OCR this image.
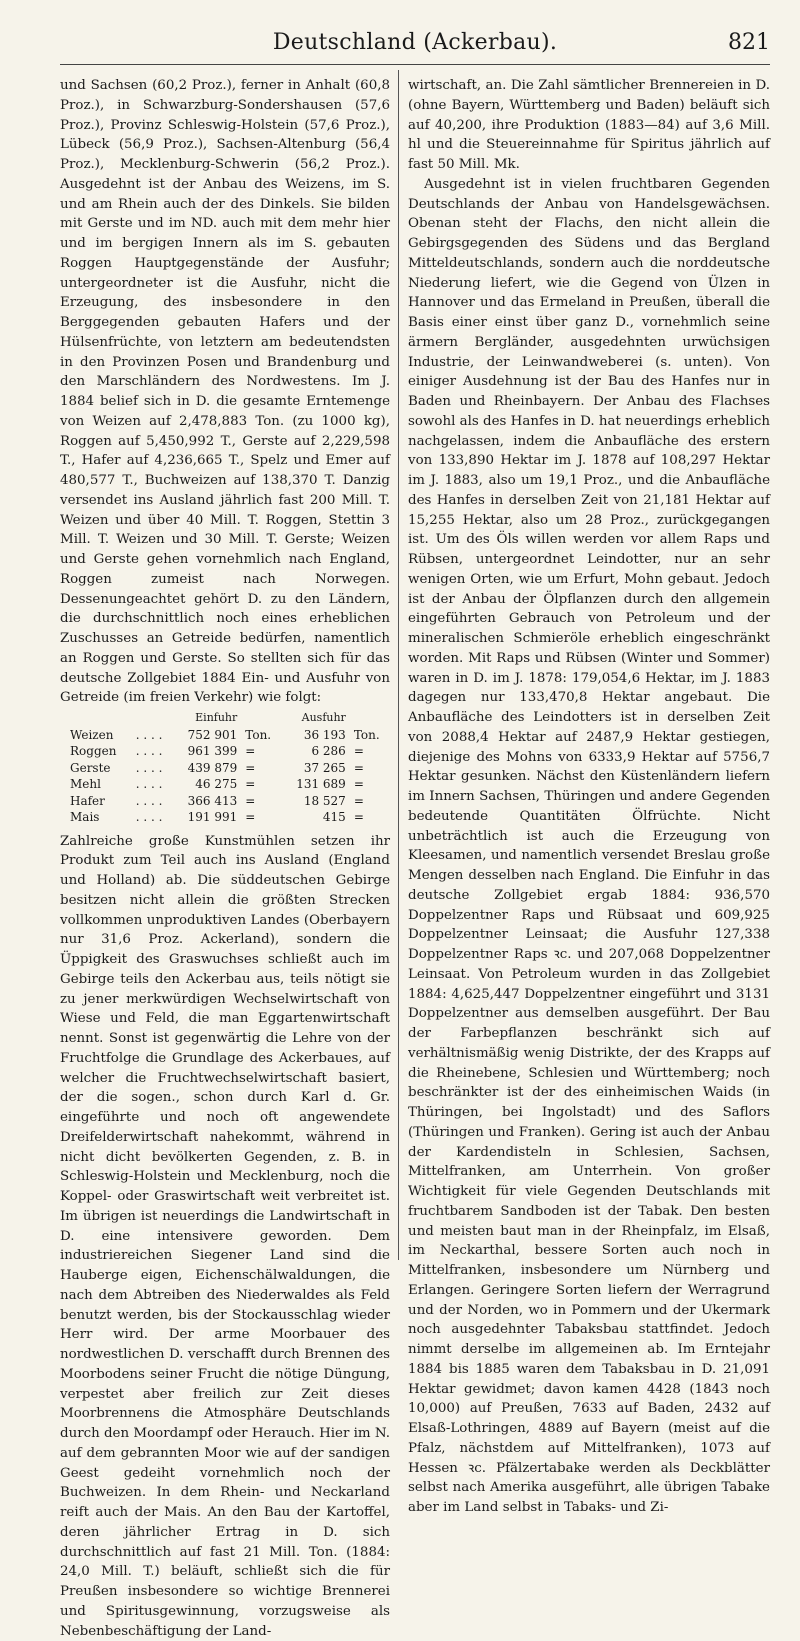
Deutschland (Ackerbau).	821

und Sachsen (60,2 Proz.), ferner in Anhalt (60,8 Proz.), in Schwarzburg-Sondershausen (57,6 Proz.), Provinz Schleswig-Holstein (57,6 Proz.), Lübeck (56,9 Proz.), Sachsen-Altenburg (56,4 Proz.), Mecklenburg-Schwerin (56,2 Proz.). Ausgedehnt ist der Anbau des Weizens, im S. und am Rhein auch der des Dinkels. Sie bilden mit Gerste und im ND. auch mit dem mehr hier und im bergigen Innern als im S. gebauten Roggen Hauptgegenstände der Ausfuhr; untergeordneter ist die Ausfuhr, nicht die Erzeugung, des insbesondere in den Berggegenden gebauten Hafers und der Hülsenfrüchte, von letztern am bedeutendsten in den Provinzen Posen und Brandenburg und den Marschländern des Nordwestens. Im J. 1884 belief sich in D. die gesamte Erntemenge von Weizen auf 2,478,883 Ton. (zu 1000 kg), Roggen auf 5,450,992 T., Gerste auf 2,229,598 T., Hafer auf 4,236,665 T., Spelz und Emer auf 480,577 T., Buchweizen auf 138,370 T. Danzig versendet ins Ausland jährlich fast 200 Mill. T. Weizen und über 40 Mill. T. Roggen, Stettin 3 Mill. T. Weizen und 30 Mill. T. Gerste; Weizen und Gerste gehen vornehmlich nach England, Roggen zumeist nach Norwegen. Dessenungeachtet gehört D. zu den Ländern, die durchschnittlich noch eines erheblichen Zuschusses an Getreide bedürfen, namentlich an Roggen und Gerste. So stellten sich für das deutsche Zollgebiet 1884 Ein- und Ausfuhr von Getreide (im freien Verkehr) wie folgt:

		Einfuhr		Ausfuhr	
Weizen	. . . .	752 901	Ton.	36 193	Ton.
Roggen	. . . .	961 399	=	6 286	=
Gerste	. . . .	439 879	=	37 265	=
Mehl	. . . .	46 275	=	131 689	=
Hafer	. . . .	366 413	=	18 527	=
Mais	. . . .	191 991	=	415	=

Zahlreiche große Kunstmühlen setzen ihr Produkt zum Teil auch ins Ausland (England und Holland) ab. Die süddeutschen Gebirge besitzen nicht allein die größten Strecken vollkommen unproduktiven Landes (Oberbayern nur 31,6 Proz. Ackerland), sondern die Üppigkeit des Graswuchses schließt auch im Gebirge teils den Ackerbau aus, teils nötigt sie zu jener merkwürdigen Wechselwirtschaft von Wiese und Feld, die man Eggartenwirtschaft nennt. Sonst ist gegenwärtig die Lehre von der Fruchtfolge die Grundlage des Ackerbaues, auf welcher die Fruchtwechselwirtschaft basiert, der die sogen., schon durch Karl d. Gr. eingeführte und noch oft angewendete Dreifelderwirtschaft nahekommt, während in nicht dicht bevölkerten Gegenden, z. B. in Schleswig-Holstein und Mecklenburg, noch die Koppel- oder Graswirtschaft weit verbreitet ist. Im übrigen ist neuerdings die Landwirtschaft in D. eine intensivere geworden. Dem industriereichen Siegener Land sind die Hauberge eigen, Eichenschälwaldungen, die nach dem Abtreiben des Niederwaldes als Feld benutzt werden, bis der Stockausschlag wieder Herr wird. Der arme Moorbauer des nordwestlichen D. verschafft durch Brennen des Moorbodens seiner Frucht die nötige Düngung, verpestet aber freilich zur Zeit dieses Moorbrennens die Atmosphäre Deutschlands durch den Moordampf oder Herauch. Hier im N. auf dem gebrannten Moor wie auf der sandigen Geest gedeiht vornehmlich noch der Buchweizen. In dem Rhein- und Neckarland reift auch der Mais. An den Bau der Kartoffel, deren jährlicher Ertrag in D. sich durchschnittlich auf fast 21 Mill. Ton. (1884: 24,0 Mill. T.) beläuft, schließt sich die für Preußen insbesondere so wichtige Brennerei und Spiritusgewinnung, vorzugsweise als Nebenbeschäftigung der Land-

wirtschaft, an. Die Zahl sämtlicher Brennereien in D. (ohne Bayern, Württemberg und Baden) beläuft sich auf 40,200, ihre Produktion (1883—84) auf 3,6 Mill. hl und die Steuereinnahme für Spiritus jährlich auf fast 50 Mill. Mk.

Ausgedehnt ist in vielen fruchtbaren Gegenden Deutschlands der Anbau von Handelsgewächsen. Obenan steht der Flachs, den nicht allein die Gebirgsgegenden des Südens und das Bergland Mitteldeutschlands, sondern auch die norddeutsche Niederung liefert, wie die Gegend von Ülzen in Hannover und das Ermeland in Preußen, überall die Basis einer einst über ganz D., vornehmlich seine ärmern Bergländer, ausgedehnten urwüchsigen Industrie, der Leinwandweberei (s. unten). Von einiger Ausdehnung ist der Bau des Hanfes nur in Baden und Rheinbayern. Der Anbau des Flachses sowohl als des Hanfes in D. hat neuerdings erheblich nachgelassen, indem die Anbaufläche des erstern von 133,890 Hektar im J. 1878 auf 108,297 Hektar im J. 1883, also um 19,1 Proz., und die Anbaufläche des Hanfes in derselben Zeit von 21,181 Hektar auf 15,255 Hektar, also um 28 Proz., zurückgegangen ist. Um des Öls willen werden vor allem Raps und Rübsen, untergeordnet Leindotter, nur an sehr wenigen Orten, wie um Erfurt, Mohn gebaut. Jedoch ist der Anbau der Ölpflanzen durch den allgemein eingeführten Gebrauch von Petroleum und der mineralischen Schmieröle erheblich eingeschränkt worden. Mit Raps und Rübsen (Winter und Sommer) waren in D. im J. 1878: 179,054,6 Hektar, im J. 1883 dagegen nur 133,470,8 Hektar angebaut. Die Anbaufläche des Leindotters ist in derselben Zeit von 2088,4 Hektar auf 2487,9 Hektar gestiegen, diejenige des Mohns von 6333,9 Hektar auf 5756,7 Hektar gesunken. Nächst den Küstenländern liefern im Innern Sachsen, Thüringen und andere Gegenden bedeutende Quantitäten Ölfrüchte. Nicht unbeträchtlich ist auch die Erzeugung von Kleesamen, und namentlich versendet Breslau große Mengen desselben nach England. Die Einfuhr in das deutsche Zollgebiet ergab 1884: 936,570 Doppelzentner Raps und Rübsaat und 609,925 Doppelzentner Leinsaat; die Ausfuhr 127,338 Doppelzentner Raps ꝛc. und 207,068 Doppelzentner Leinsaat. Von Petroleum wurden in das Zollgebiet 1884: 4,625,447 Doppelzentner eingeführt und 3131 Doppelzentner aus demselben ausgeführt. Der Bau der Farbepflanzen beschränkt sich auf verhältnismäßig wenig Distrikte, der des Krapps auf die Rheinebene, Schlesien und Württemberg; noch beschränkter ist der des einheimischen Waids (in Thüringen, bei Ingolstadt) und des Saflors (Thüringen und Franken). Gering ist auch der Anbau der Kardendisteln in Schlesien, Sachsen, Mittelfranken, am Unterrhein. Von großer Wichtigkeit für viele Gegenden Deutschlands mit fruchtbarem Sandboden ist der Tabak. Den besten und meisten baut man in der Rheinpfalz, im Elsaß, im Neckarthal, bessere Sorten auch noch in Mittelfranken, insbesondere um Nürnberg und Erlangen. Geringere Sorten liefern der Werragrund und der Norden, wo in Pommern und der Ukermark noch ausgedehnter Tabaksbau stattfindet. Jedoch nimmt derselbe im allgemeinen ab. Im Erntejahr 1884 bis 1885 waren dem Tabaksbau in D. 21,091 Hektar gewidmet; davon kamen 4428 (1843 noch 10,000) auf Preußen, 7633 auf Baden, 2432 auf Elsaß-Lothringen, 4889 auf Bayern (meist auf die Pfalz, nächstdem auf Mittelfranken), 1073 auf Hessen ꝛc. Pfälzertabake werden als Deckblätter selbst nach Amerika ausgeführt, alle übrigen Tabake aber im Land selbst in Tabaks- und Zi-
